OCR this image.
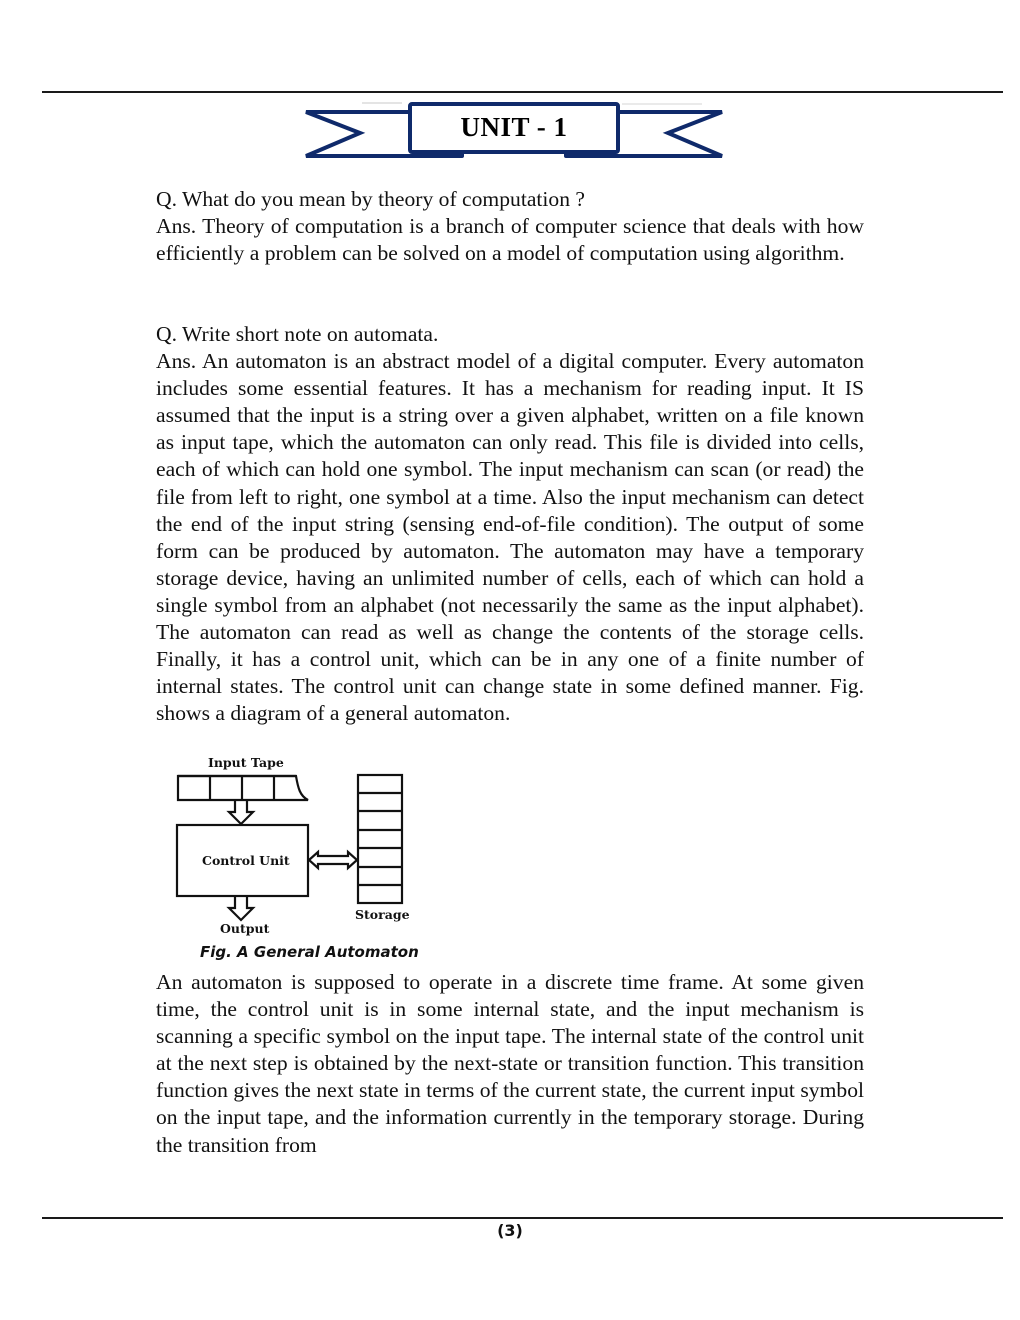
UNIT - 1

Q. What do you mean by theory of computation ?

Ans. Theory of computation is a branch of computer science that deals with how efficiently a problem can be solved on a model of computation using algorithm.

Q. Write short note on automata.

Ans. An automaton is an abstract model of a digital computer. Every automaton includes some essential features. It has a mechanism for reading input. It IS assumed that the input is a string over a given alphabet, written on a file known as input tape, which the automaton can only read. This file is divided into cells, each of which can hold one symbol. The input mechanism can scan (or read) the file from left to right, one symbol at a time. Also the input mechanism can detect the end of the input string (sensing end-of-file condition). The output of some form can be produced by automaton. The automaton may have a temporary storage device, having an unlimited number of cells, each of which can hold a single symbol from an alphabet (not necessarily the same as the input alphabet). The automaton can read as well as change the contents of the storage cells. Finally, it has a control unit, which can be in any one of a finite number of internal states. The control unit can change state in some defined manner. Fig. shows a diagram of a general automaton.

Input Tape
Control Unit
Storage
Output
Fig. A General Automaton

An automaton is supposed to operate in a discrete time frame. At some given time, the control unit is in some internal state, and the input mechanism is scanning a specific symbol on the input tape. The internal state of the control unit at the next step is obtained by the next-state or transition function. This transition function gives the next state in terms of the current state, the current input symbol on the input tape, and the information currently in the temporary storage. During the transition from

(3)
